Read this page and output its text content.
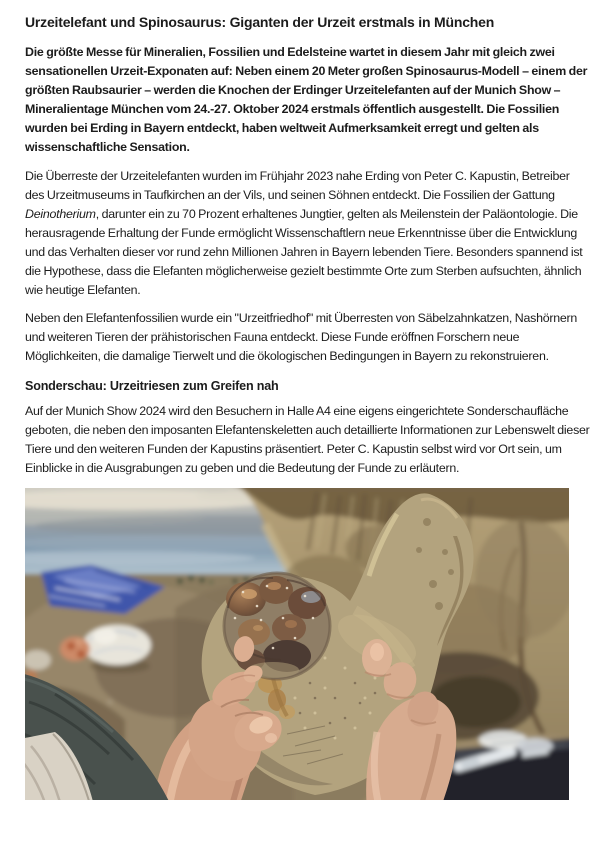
Urzeitelefant und Spinosaurus: Giganten der Urzeit erstmals in München

Die größte Messe für Mineralien, Fossilien und Edelsteine wartet in diesem Jahr mit gleich zwei sensationellen Urzeit-Exponaten auf: Neben einem 20 Meter großen Spinosaurus-Modell – einem der größten Raubsaurier – werden die Knochen der Erdinger Urzeitelefanten auf der Munich Show – Mineralientage München vom 24.-27. Oktober 2024 erstmals öffentlich ausgestellt. Die Fossilien wurden bei Erding in Bayern entdeckt, haben weltweit Aufmerksamkeit erregt und gelten als wissenschaftliche Sensation.

Die Überreste der Urzeitelefanten wurden im Frühjahr 2023 nahe Erding von Peter C. Kapustin, Betreiber des Urzeitmuseums in Taufkirchen an der Vils, und seinen Söhnen entdeckt. Die Fossilien der Gattung Deinotherium, darunter ein zu 70 Prozent erhaltenes Jungtier, gelten als Meilenstein der Paläontologie. Die herausragende Erhaltung der Funde ermöglicht Wissenschaftlern neue Erkenntnisse über die Entwicklung und das Verhalten dieser vor rund zehn Millionen Jahren in Bayern lebenden Tiere. Besonders spannend ist die Hypothese, dass die Elefanten möglicherweise gezielt bestimmte Orte zum Sterben aufsuchten, ähnlich wie heutige Elefanten.

Neben den Elefantenfossilien wurde ein "Urzeitfriedhof" mit Überresten von Säbelzahnkatzen, Nashörnern und weiteren Tieren der prähistorischen Fauna entdeckt. Diese Funde eröffnen Forschern neue Möglichkeiten, die damalige Tierwelt und die ökologischen Bedingungen in Bayern zu rekonstruieren.

Sonderschau: Urzeitriesen zum Greifen nah

Auf der Munich Show 2024 wird den Besuchern in Halle A4 eine eigens eingerichtete Sonderschaufläche geboten, die neben den imposanten Elefantenskeletten auch detaillierte Informationen zur Lebenswelt dieser Tiere und den weiteren Funden der Kapustins präsentiert. Peter C. Kapustin selbst wird vor Ort sein, um Einblicke in die Ausgrabungen zu geben und die Bedeutung der Funde zu erläutern.
